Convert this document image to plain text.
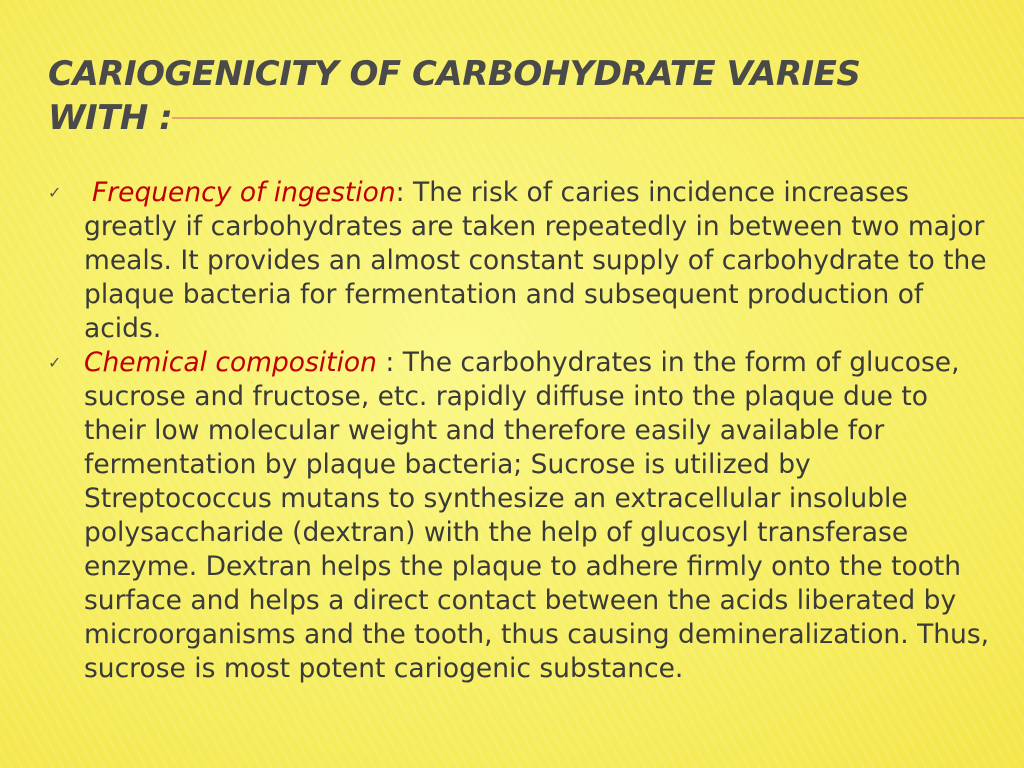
CARIOGENICITY OF CARBOHYDRATE VARIES
WITH :
✓ Frequency of ingestion: The risk of caries incidence increases greatly if carbohydrates are taken repeatedly in between two major meals. It provides an almost constant supply of carbohydrate to the plaque bacteria for fermentation and subsequent production of acids.
✓ Chemical composition : The carbohydrates in the form of glucose, sucrose and fructose, etc. rapidly diffuse into the plaque due to their low molecular weight and therefore easily available for fermentation by plaque bacteria; Sucrose is utilized by Streptococcus mutans to synthesize an extracellular insoluble polysaccharide (dextran) with the help of glucosyl transferase enzyme. Dextran helps the plaque to adhere firmly onto the tooth surface and helps a direct contact between the acids liberated by microorganisms and the tooth, thus causing demineralization. Thus, sucrose is most potent cariogenic substance.
